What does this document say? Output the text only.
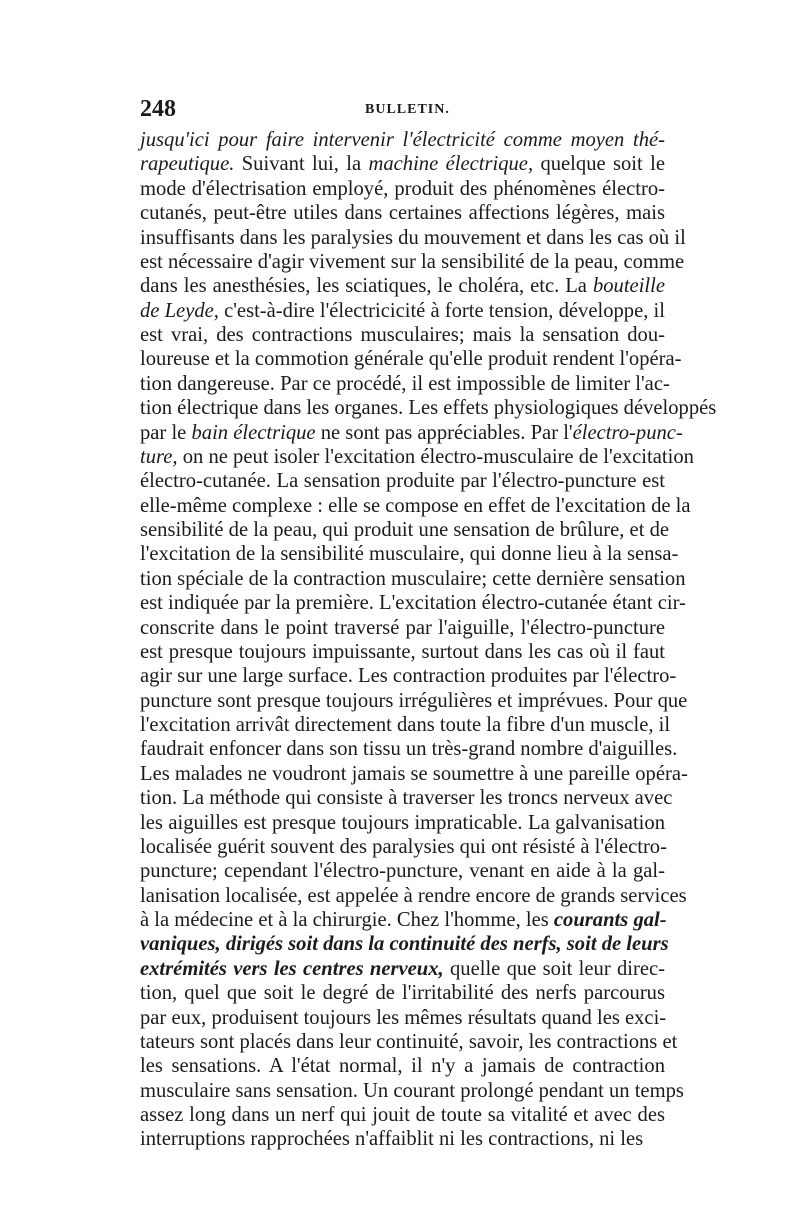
248	BULLETIN.
jusqu'ici pour faire intervenir l'électricité comme moyen thé-
rapeutique. Suivant lui, la machine électrique, quelque soit le
mode d'électrisation employé, produit des phénomènes électro-
cutanés, peut-être utiles dans certaines affections légères, mais
insuffisants dans les paralysies du mouvement et dans les cas où il
est nécessaire d'agir vivement sur la sensibilité de la peau, comme
dans les anesthésies, les sciatiques, le choléra, etc. La bouteille
de Leyde, c'est-à-dire l'électricicité à forte tension, développe, il
est vrai, des contractions musculaires; mais la sensation dou-
loureuse et la commotion générale qu'elle produit rendent l'opéra-
tion dangereuse. Par ce procédé, il est impossible de limiter l'ac-
tion électrique dans les organes. Les effets physiologiques développés
par le bain électrique ne sont pas appréciables. Par l'électro-punc-
ture, on ne peut isoler l'excitation électro-musculaire de l'excitation
électro-cutanée. La sensation produite par l'électro-puncture est
elle-même complexe : elle se compose en effet de l'excitation de la
sensibilité de la peau, qui produit une sensation de brûlure, et de
l'excitation de la sensibilité musculaire, qui donne lieu à la sensa-
tion spéciale de la contraction musculaire; cette dernière sensation
est indiquée par la première. L'excitation électro-cutanée étant cir-
conscrite dans le point traversé par l'aiguille, l'électro-puncture
est presque toujours impuissante, surtout dans les cas où il faut
agir sur une large surface. Les contraction produites par l'électro-
puncture sont presque toujours irrégulières et imprévues. Pour que
l'excitation arrivât directement dans toute la fibre d'un muscle, il
faudrait enfoncer dans son tissu un très-grand nombre d'aiguilles.
Les malades ne voudront jamais se soumettre à une pareille opéra-
tion. La méthode qui consiste à traverser les troncs nerveux avec
les aiguilles est presque toujours impraticable. La galvanisation
localisée guérit souvent des paralysies qui ont résisté à l'électro-
puncture; cependant l'électro-puncture, venant en aide à la gal-
lanisation localisée, est appelée à rendre encore de grands services
à la médecine et à la chirurgie. Chez l'homme, les courants gal-
vaniques, dirigés soit dans la continuité des nerfs, soit de leurs
extrémités vers les centres nerveux, quelle que soit leur direc-
tion, quel que soit le degré de l'irritabilité des nerfs parcourus
par eux, produisent toujours les mêmes résultats quand les exci-
tateurs sont placés dans leur continuité, savoir, les contractions et
les sensations. A l'état normal, il n'y a jamais de contraction
musculaire sans sensation. Un courant prolongé pendant un temps
assez long dans un nerf qui jouit de toute sa vitalité et avec des
interruptions rapprochées n'affaiblit ni les contractions, ni les
